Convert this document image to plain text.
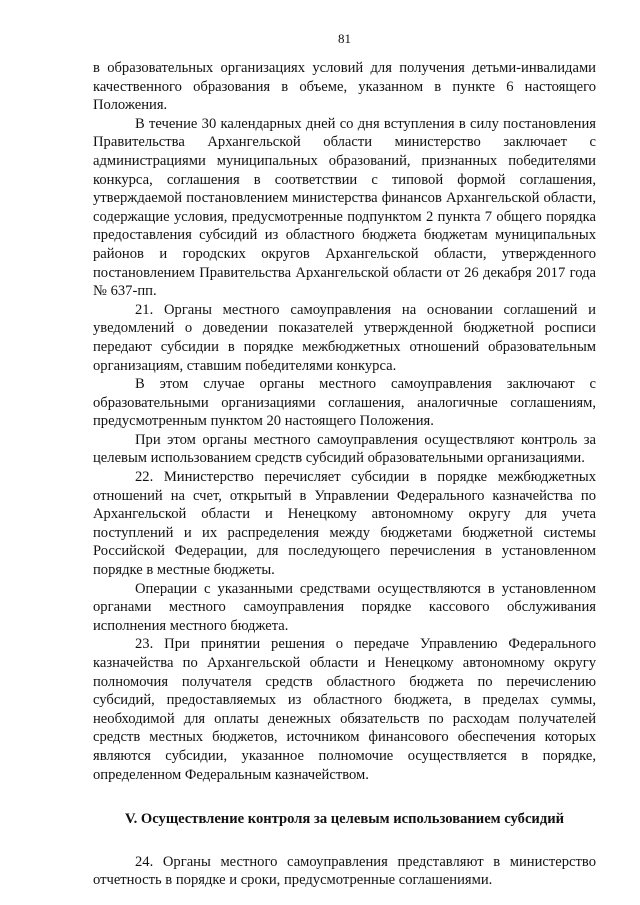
81

в образовательных организациях условий для получения детьми-инвалидами качественного образования в объеме, указанном в пункте 6 настоящего Положения.

В течение 30 календарных дней со дня вступления в силу постановления Правительства Архангельской области министерство заключает с администрациями муниципальных образований, признанных победителями конкурса, соглашения в соответствии с типовой формой соглашения, утверждаемой постановлением министерства финансов Архангельской области, содержащие условия, предусмотренные подпунктом 2 пункта 7 общего порядка предоставления субсидий из областного бюджета бюджетам муниципальных районов и городских округов Архангельской области, утвержденного постановлением Правительства Архангельской области от 26 декабря 2017 года № 637-пп.

21. Органы местного самоуправления на основании соглашений и уведомлений о доведении показателей утвержденной бюджетной росписи передают субсидии в порядке межбюджетных отношений образовательным организациям, ставшим победителями конкурса.

В этом случае органы местного самоуправления заключают с образовательными организациями соглашения, аналогичные соглашениям, предусмотренным пунктом 20 настоящего Положения.

При этом органы местного самоуправления осуществляют контроль за целевым использованием средств субсидий образовательными организациями.

22. Министерство перечисляет субсидии в порядке межбюджетных отношений на счет, открытый в Управлении Федерального казначейства по Архангельской области и Ненецкому автономному округу для учета поступлений и их распределения между бюджетами бюджетной системы Российской Федерации, для последующего перечисления в установленном порядке в местные бюджеты.

Операции с указанными средствами осуществляются в установленном органами местного самоуправления порядке кассового обслуживания исполнения местного бюджета.

23. При принятии решения о передаче Управлению Федерального казначейства по Архангельской области и Ненецкому автономному округу полномочия получателя средств областного бюджета по перечислению субсидий, предоставляемых из областного бюджета, в пределах суммы, необходимой для оплаты денежных обязательств по расходам получателей средств местных бюджетов, источником финансового обеспечения которых являются субсидии, указанное полномочие осуществляется в порядке, определенном Федеральным казначейством.

V. Осуществление контроля за целевым использованием субсидий

24. Органы местного самоуправления представляют в министерство отчетность в порядке и сроки, предусмотренные соглашениями.
